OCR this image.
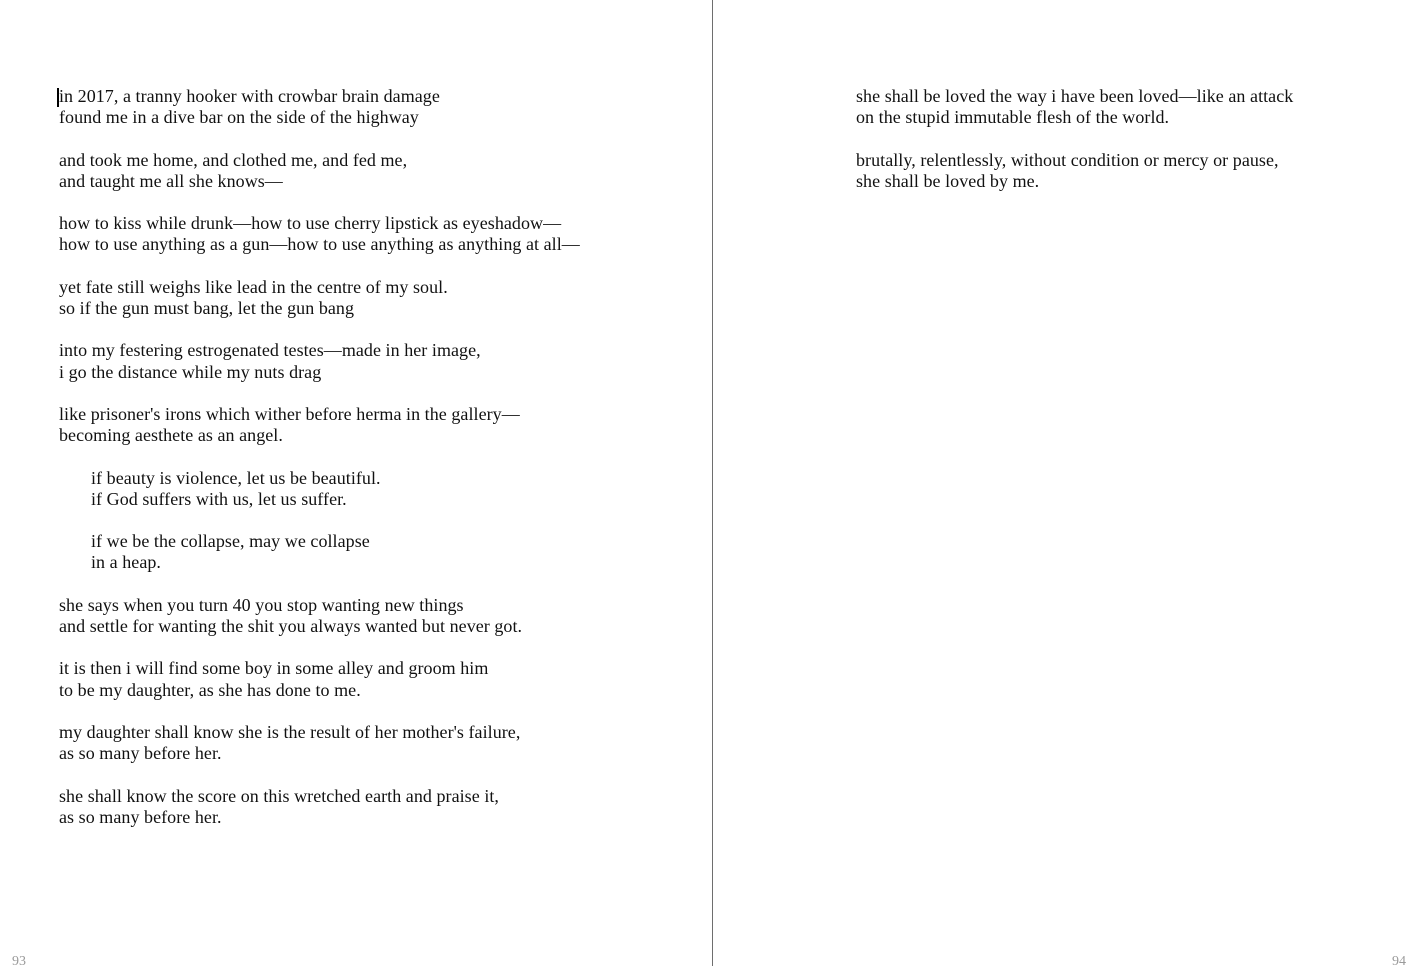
in 2017, a tranny hooker with crowbar brain damage
found me in a dive bar on the side of the highway
and took me home, and clothed me, and fed me,
and taught me all she knows—
how to kiss while drunk—how to use cherry lipstick as eyeshadow—
how to use anything as a gun—how to use anything as anything at all—
yet fate still weighs like lead in the centre of my soul.
so if the gun must bang, let the gun bang
into my festering estrogenated testes—made in her image,
i go the distance while my nuts drag
like prisoner's irons which wither before herma in the gallery—
becoming aesthete as an angel.
if beauty is violence, let us be beautiful.
if God suffers with us, let us suffer.
if we be the collapse, may we collapse
in a heap.
she says when you turn 40 you stop wanting new things
and settle for wanting the shit you always wanted but never got.
it is then i will find some boy in some alley and groom him
to be my daughter, as she has done to me.
my daughter shall know she is the result of her mother's failure,
as so many before her.
she shall know the score on this wretched earth and praise it,
as so many before her.
93
she shall be loved the way i have been loved—like an attack
on the stupid immutable flesh of the world.
brutally, relentlessly, without condition or mercy or pause,
she shall be loved by me.
94
